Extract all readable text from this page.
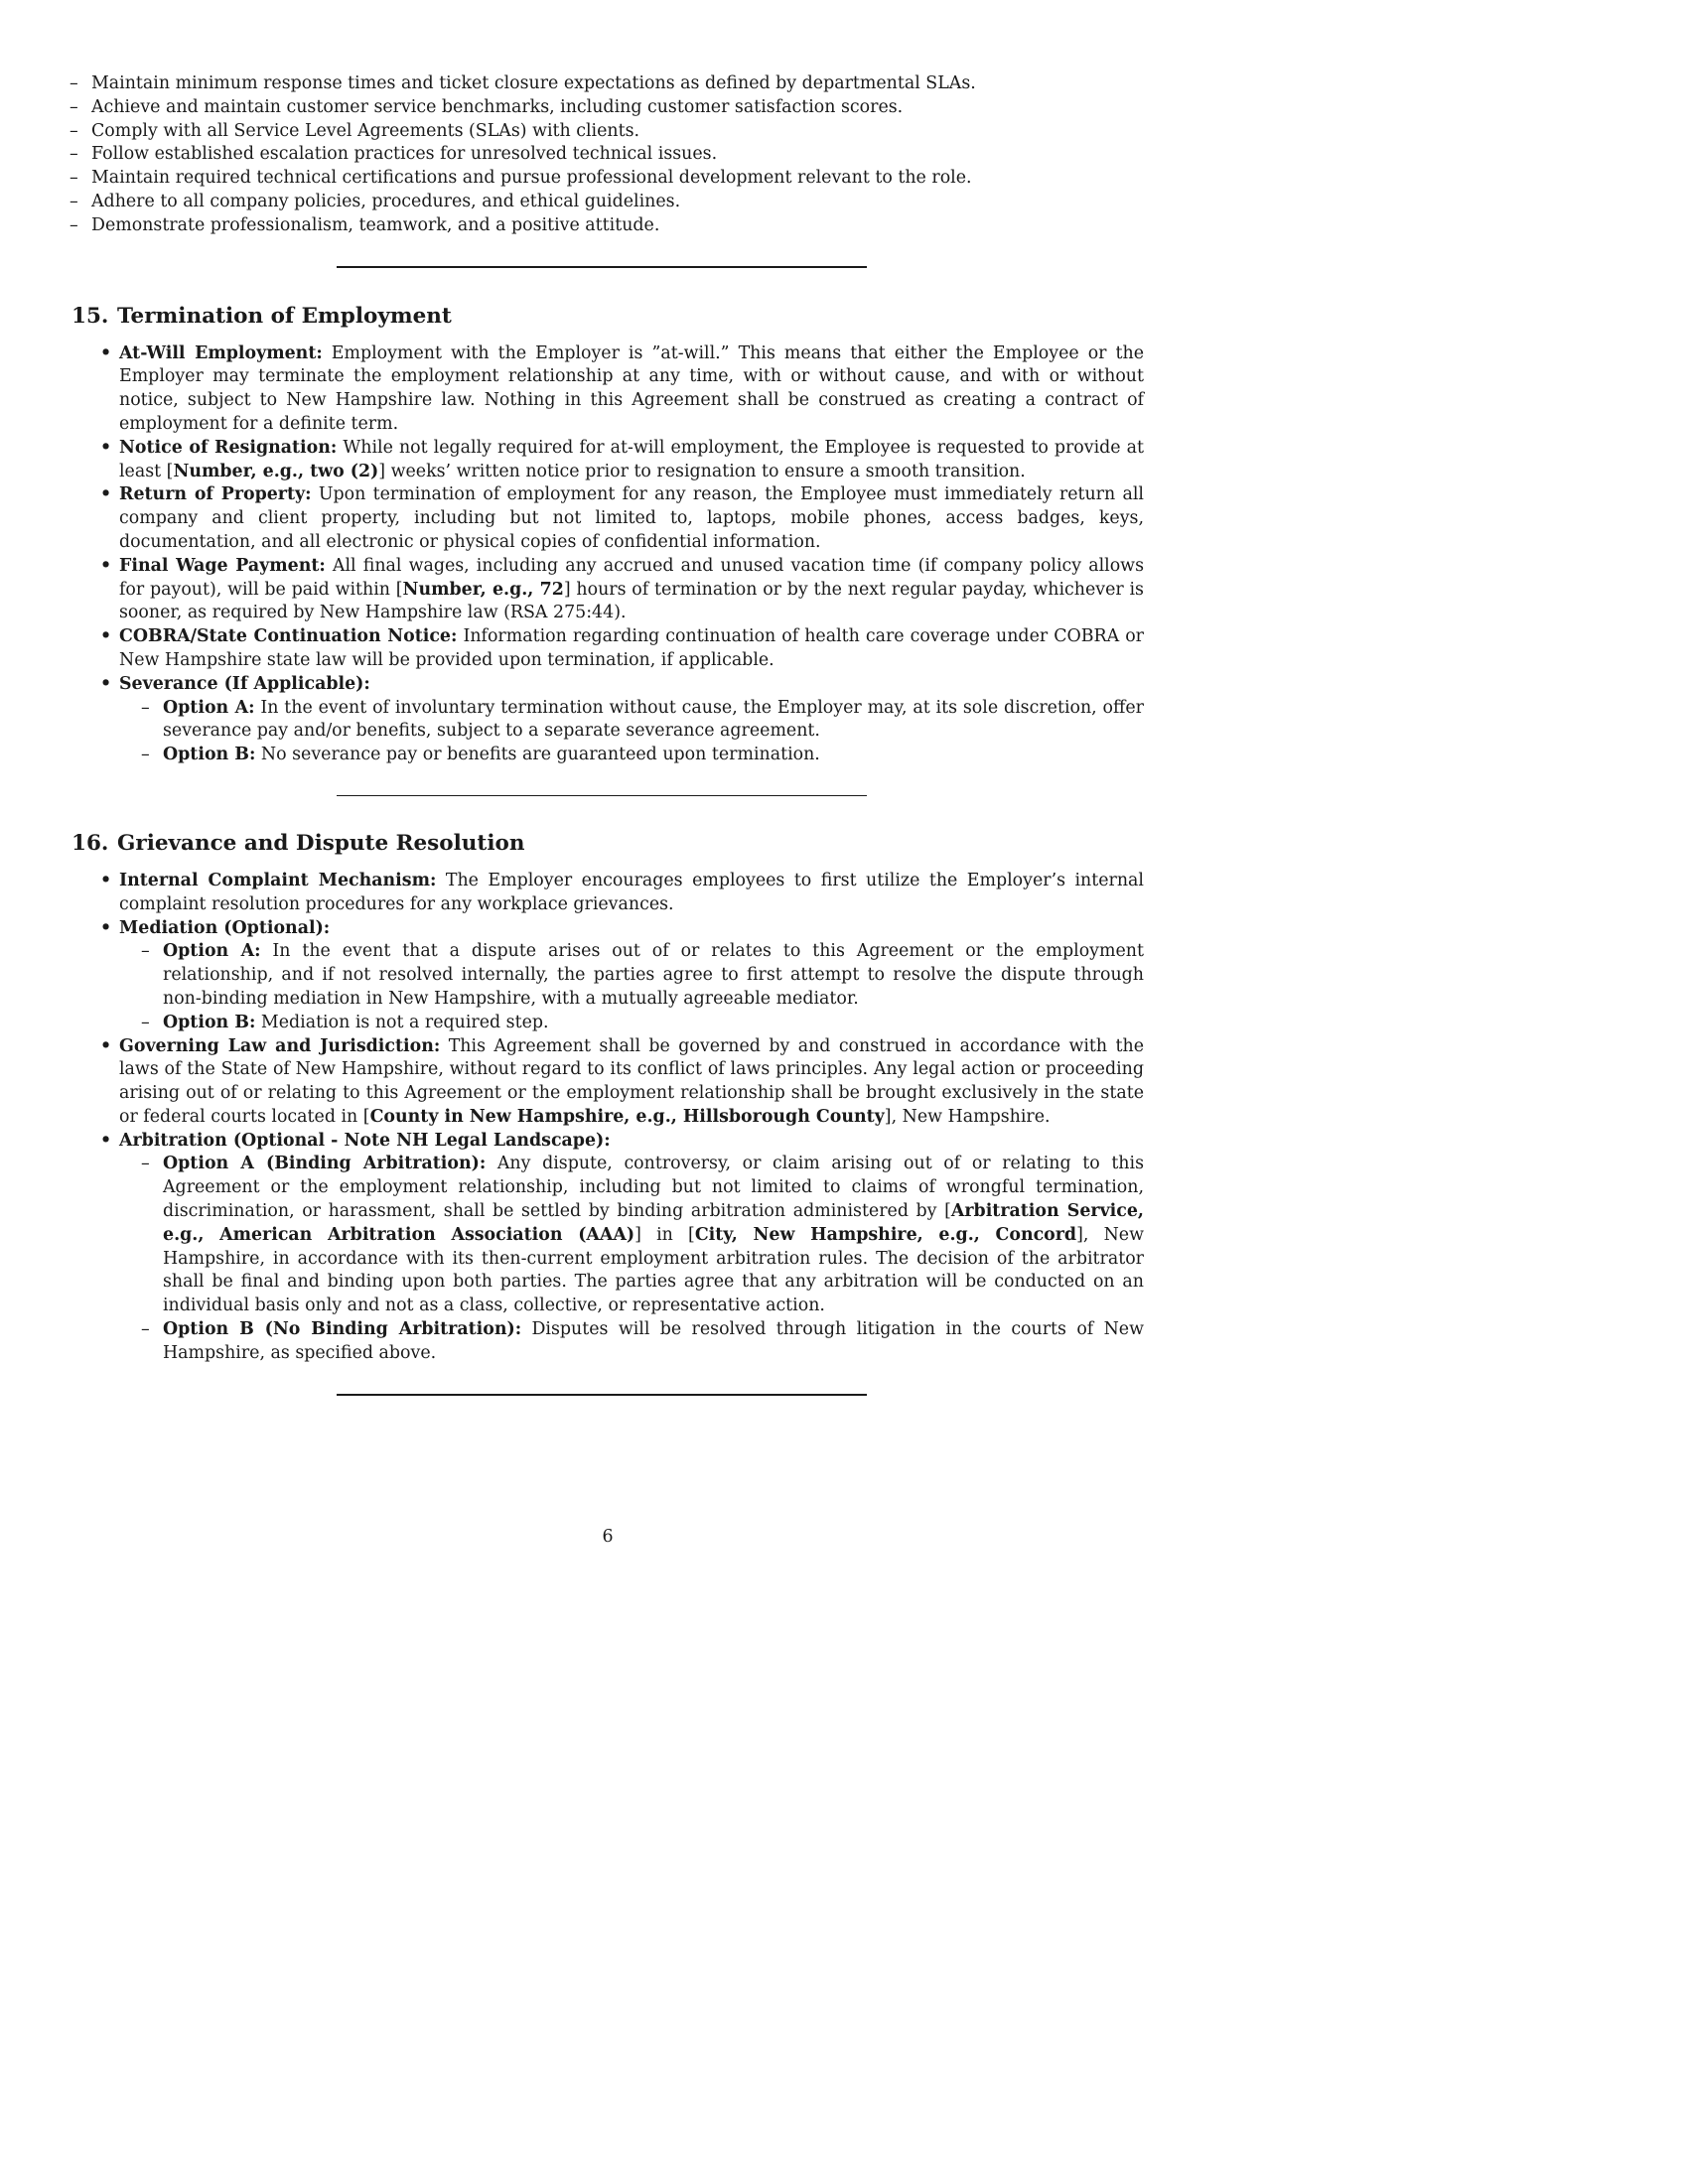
– Maintain minimum response times and ticket closure expectations as defined by departmental SLAs.
– Achieve and maintain customer service benchmarks, including customer satisfaction scores.
– Comply with all Service Level Agreements (SLAs) with clients.
– Follow established escalation practices for unresolved technical issues.
– Maintain required technical certifications and pursue professional development relevant to the role.
– Adhere to all company policies, procedures, and ethical guidelines.
– Demonstrate professionalism, teamwork, and a positive attitude.
15. Termination of Employment
• At-Will Employment: Employment with the Employer is ”at-will.” This means that either the Employee or the Employer may terminate the employment relationship at any time, with or without cause, and with or without notice, subject to New Hampshire law. Nothing in this Agreement shall be construed as creating a contract of employment for a definite term.
• Notice of Resignation: While not legally required for at-will employment, the Employee is requested to provide at least [Number, e.g., two (2)] weeks’ written notice prior to resignation to ensure a smooth transition.
• Return of Property: Upon termination of employment for any reason, the Employee must immediately return all company and client property, including but not limited to, laptops, mobile phones, access badges, keys, documentation, and all electronic or physical copies of confidential information.
• Final Wage Payment: All final wages, including any accrued and unused vacation time (if company policy allows for payout), will be paid within [Number, e.g., 72] hours of termination or by the next regular payday, whichever is sooner, as required by New Hampshire law (RSA 275:44).
• COBRA/State Continuation Notice: Information regarding continuation of health care coverage under COBRA or New Hampshire state law will be provided upon termination, if applicable.
• Severance (If Applicable):
– Option A: In the event of involuntary termination without cause, the Employer may, at its sole discretion, offer severance pay and/or benefits, subject to a separate severance agreement.
– Option B: No severance pay or benefits are guaranteed upon termination.
16. Grievance and Dispute Resolution
• Internal Complaint Mechanism: The Employer encourages employees to first utilize the Employer’s internal complaint resolution procedures for any workplace grievances.
• Mediation (Optional):
– Option A: In the event that a dispute arises out of or relates to this Agreement or the employment relationship, and if not resolved internally, the parties agree to first attempt to resolve the dispute through non-binding mediation in New Hampshire, with a mutually agreeable mediator.
– Option B: Mediation is not a required step.
• Governing Law and Jurisdiction: This Agreement shall be governed by and construed in accordance with the laws of the State of New Hampshire, without regard to its conflict of laws principles. Any legal action or proceeding arising out of or relating to this Agreement or the employment relationship shall be brought exclusively in the state or federal courts located in [County in New Hampshire, e.g., Hillsborough County], New Hampshire.
• Arbitration (Optional - Note NH Legal Landscape):
– Option A (Binding Arbitration): Any dispute, controversy, or claim arising out of or relating to this Agreement or the employment relationship, including but not limited to claims of wrongful termination, discrimination, or harassment, shall be settled by binding arbitration administered by [Arbitration Service, e.g., American Arbitration Association (AAA)] in [City, New Hampshire, e.g., Concord], New Hampshire, in accordance with its then-current employment arbitration rules. The decision of the arbitrator shall be final and binding upon both parties. The parties agree that any arbitration will be conducted on an individual basis only and not as a class, collective, or representative action.
– Option B (No Binding Arbitration): Disputes will be resolved through litigation in the courts of New Hampshire, as specified above.
6
